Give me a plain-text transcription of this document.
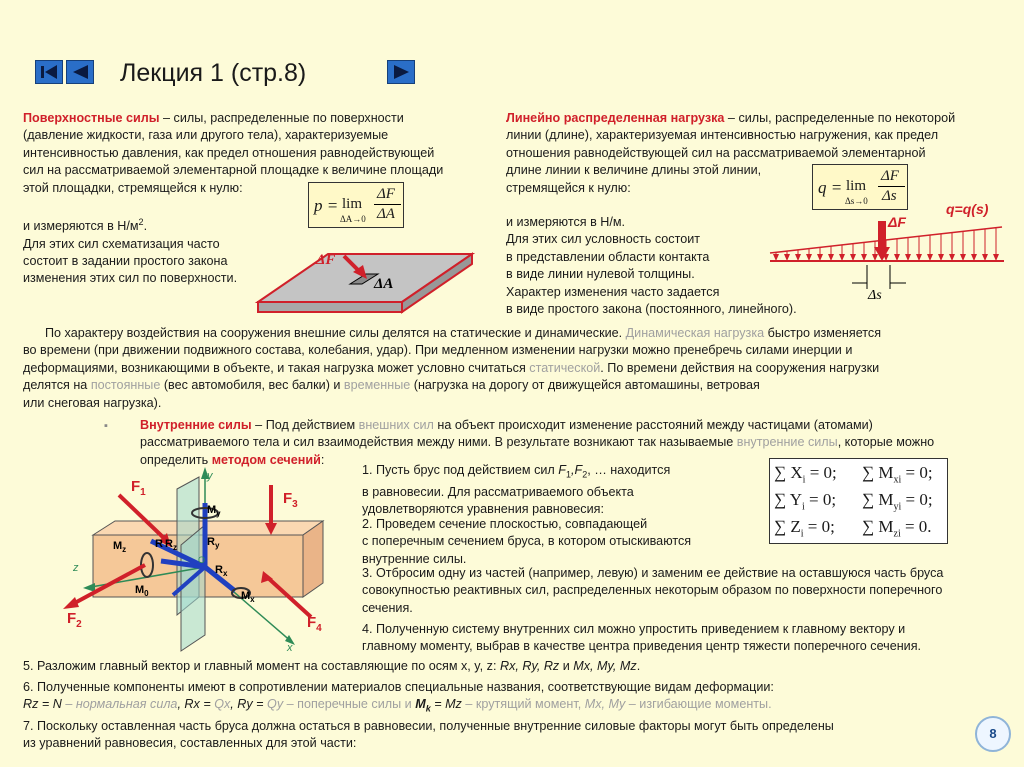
Лекция 1 (стр.8)
Поверхностные силы – силы, распределенные по поверхности
(давление жидкости, газа или другого тела), характеризуемые
интенсивностью давления, как предел отношения равнодействующей
сил на рассматриваемой элементарной площадке к величине площади
этой площадки, стремящейся к нулю:
и измеряются в $Н/м^2$.
Для этих сил схематизация часто
состоит в задании простого закона
изменения этих сил по поверхности.
p = lim
ΔA→0
ΔF
ΔA
ΔF
ΔA
Линейно распределенная нагрузка – силы, распределенные по некоторой
линии (длине), характеризуемая интенсивностью нагружения, как предел
отношения равнодействующей сил на рассматриваемой элементарной
длине линии к величине длины этой линии,
стремящейся к нулю:
и измеряются в Н/м.
Для этих сил условность состоит
в представлении области контакта
в виде линии нулевой толщины.
Характер изменения часто задается
в виде простого закона (постоянного, линейного).
q = lim
Δs→0
ΔF
Δs
ΔF
q=q(s)
Δs
По характеру воздействия на сооружения внешние силы делятся на статические и динамические. Динамическая нагрузка быстро изменяется
во времени (при движении подвижного состава, колебания, удар). При медленном изменении нагрузки можно пренебречь силами инерции и
деформациями, возникающими в объекте, и такая нагрузка может условно считаться статической. По времени действия на сооружения нагрузки
делятся на постоянные (вес автомобиля, вес балки) и временные (нагрузка на дорогу от движущейся автомашины, ветровая
или снеговая нагрузка).
▪	Внутренние силы – Под действием внешних сил на объект происходит изменение расстояний между частицами (атомами)
рассматриваемого тела и сил взаимодействия между ними. В результате возникают так называемые внутренние силы, которые можно
определить методом сечений:
1. Пусть брус под действием сил $F_1,F_2$, … находится
в равновесии. Для рассматриваемого объекта
удовлетворяются уравнения равновесия:
2. Проведем сечение плоскостью, совпадающей
с поперечным сечением бруса, в котором отыскиваются
внутренние силы.
3. Отбросим одну из частей (например, левую) и заменим ее действие на оставшуюся часть бруса
совокупностью реактивных сил, распределенных некоторым образом по поверхности поперечного
сечения.
4. Полученную систему внутренних сил можно упростить приведением к главному вектору и
главному моменту, выбрав в качестве центра приведения центр тяжести поперечного сечения.
∑ $X_i = 0$; ∑ $M_{xi} = 0$;
∑ $Y_i = 0$; ∑ $M_{yi} = 0$;
∑ $Z_i = 0$; ∑ $M_{zi} = 0$.
$F_1$
$F_2$
$F_3$
$F_4$
y
x
z
$M_y$
$M_z$
$M_x$
$M_0$
R $R_z$	$R_y$
$R_x$
O
5. Разложим главный вектор и главный момент на составляющие по осям x, y, z: Rx, Ry, Rz и Mx, My, Mz.
6. Полученные компоненты имеют в сопротивлении материалов специальные названия, соответствующие видам деформации:
Rz = N – нормальная сила, Rx = Qx, Ry = Qy – поперечные силы и $M_k = Mz$ – крутящий момент, Mx, My – изгибающие моменты.
7. Поскольку оставленная часть бруса должна остаться в равновесии, полученные внутренние силовые факторы могут быть определены
из уравнений равновесия, составленных для этой части:
8
